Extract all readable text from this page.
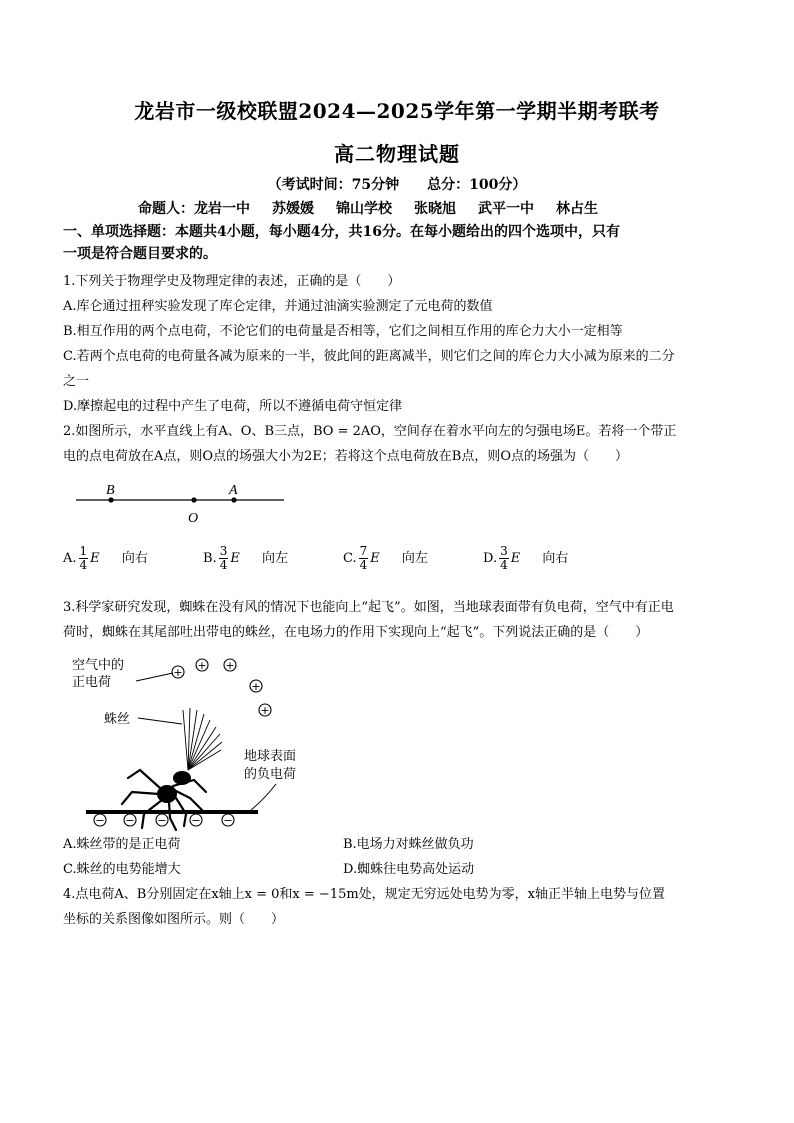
龙岩市一级校联盟2024—2025学年第一学期半期考联考
高二物理试题
（考试时间：75分钟　　总分：100分）
命题人：龙岩一中 苏媛媛 锦山学校 张晓旭 武平一中 林占生
一、单项选择题：本题共4小题，每小题4分，共16分。在每小题给出的四个选项中，只有
一项是符合题目要求的。
1.下列关于物理学史及物理定律的表述，正确的是（　　）
A.库仑通过扭秤实验发现了库仑定律，并通过油滴实验测定了元电荷的数值
B.相互作用的两个点电荷，不论它们的电荷量是否相等，它们之间相互作用的库仑力大小一定相等
C.若两个点电荷的电荷量各减为原来的一半，彼此间的距离减半，则它们之间的库仑力大小减为原来的二分
之一
D.摩擦起电的过程中产生了电荷，所以不遵循电荷守恒定律
2.如图所示，水平直线上有A、O、B三点，BO = 2AO，空间存在着水平向左的匀强电场E。若将一个带正
电的点电荷放在A点，则O点的场强大小为2E；若将这个点电荷放在B点，则O点的场强为（　　）
B
O
A
A. $\frac{1}{4}$ E 向右	B. $\frac{3}{4}$ E 向左	C. $\frac{7}{4}$ E 向左	D. $\frac{3}{4}$ E 向右
3.科学家研究发现，蜘蛛在没有风的情况下也能向上“起飞”。如图，当地球表面带有负电荷，空气中有正电
荷时，蜘蛛在其尾部吐出带电的蛛丝，在电场力的作用下实现向上“起飞”。下列说法正确的是（　　）
空气中的
正电荷
+
+ +
+
+
蛛丝
地球表面
的负电荷
− − − − −
A.蛛丝带的是正电荷	B.电场力对蛛丝做负功
C.蛛丝的电势能增大	D.蜘蛛往电势高处运动
4.点电荷A、B分别固定在x轴上x = 0和x = −15m处，规定无穷远处电势为零，x轴正半轴上电势与位置
坐标的关系图像如图所示。则（　　）
